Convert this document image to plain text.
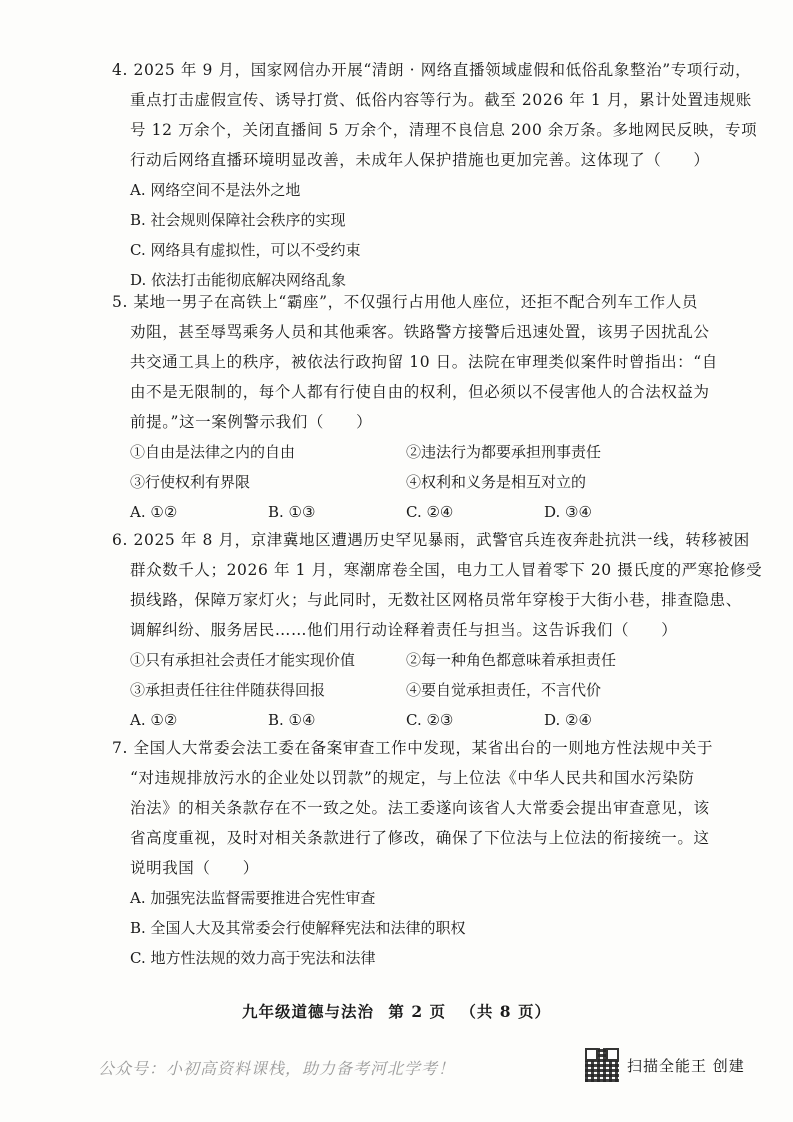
4. 2025 年 9 月，国家网信办开展“清朗 · 网络直播领域虚假和低俗乱象整治”专项行动，
重点打击虚假宣传、诱导打赏、低俗内容等行为。截至 2026 年 1 月，累计处置违规账
号 12 万余个，关闭直播间 5 万余个，清理不良信息 200 余万条。多地网民反映，专项
行动后网络直播环境明显改善，未成年人保护措施也更加完善。这体现了（　　）
A. 网络空间不是法外之地
B. 社会规则保障社会秩序的实现
C. 网络具有虚拟性，可以不受约束
D. 依法打击能彻底解决网络乱象
5. 某地一男子在高铁上“霸座”，不仅强行占用他人座位，还拒不配合列车工作人员
劝阻，甚至辱骂乘务人员和其他乘客。铁路警方接警后迅速处置，该男子因扰乱公
共交通工具上的秩序，被依法行政拘留 10 日。法院在审理类似案件时曾指出：“自
由不是无限制的，每个人都有行使自由的权利，但必须以不侵害他人的合法权益为
前提。”这一案例警示我们（　　）
①自由是法律之内的自由	②违法行为都要承担刑事责任
③行使权利有界限	④权利和义务是相互对立的
A. ①②	B. ①③	C. ②④	D. ③④
6. 2025 年 8 月，京津冀地区遭遇历史罕见暴雨，武警官兵连夜奔赴抗洪一线，转移被困
群众数千人；2026 年 1 月，寒潮席卷全国，电力工人冒着零下 20 摄氏度的严寒抢修受
损线路，保障万家灯火；与此同时，无数社区网格员常年穿梭于大街小巷，排查隐患、
调解纠纷、服务居民……他们用行动诠释着责任与担当。这告诉我们（　　）
①只有承担社会责任才能实现价值	②每一种角色都意味着承担责任
③承担责任往往伴随获得回报	④要自觉承担责任，不言代价
A. ①②	B. ①④	C. ②③	D. ②④
7. 全国人大常委会法工委在备案审查工作中发现，某省出台的一则地方性法规中关于
“对违规排放污水的企业处以罚款”的规定，与上位法《中华人民共和国水污染防
治法》的相关条款存在不一致之处。法工委遂向该省人大常委会提出审查意见，该
省高度重视，及时对相关条款进行了修改，确保了下位法与上位法的衔接统一。这
说明我国（　　）
A. 加强宪法监督需要推进合宪性审查
B. 全国人大及其常委会行使解释宪法和法律的职权
C. 地方性法规的效力高于宪法和法律
九年级道德与法治 第 2 页 （共 8 页）
公众号：小初高资料课栈，助力备考河北学考！	扫描全能王 创建
